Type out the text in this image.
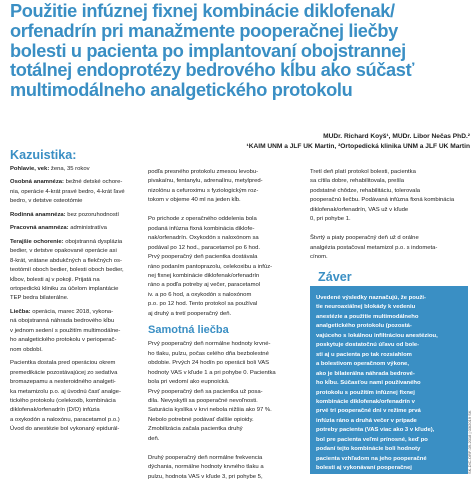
Použitie infúznej fixnej kombinácie diklofenak/
orfenadrín pri manažmente pooperačnej liečby
bolesti u pacienta po implantovaní obojstrannej
totálnej endoprotézy bedrového kĺbu ako súčasť
multimodálneho analgetického protokolu
MUDr. Richard Koyš¹, MUDr. Libor Nečas PhD.²
¹KAIM UNM a JLF UK Martin, ²Ortopedická klinika UNM a JLF UK Martin
Kazuistika:
Pohlavie, vek: žena, 35 rokov
Osobná anamnéza: bežné detské ochore-
nia, operácie 4-krát pravé bedro, 4-krát ľavé
bedro, v detstve osteotómie
Rodinná anamnéza: bez pozoruhodností
Pracovná anamnéza: administratíva
Terajšie ochorenie: obojstranná dysplázia
bedier, v detstve opakované operácie asi
8-krát, vrátane abdukčných a flekčných os-
teotómií oboch bedier, bolesti oboch bedier,
kĺbov, bolesti aj v pokoji. Prijatá na
ortopedickú kliniku za účelom implantácie
TEP bedra bilaterálne.
Liečba: operácia, marec 2018, vykona-
ná obojstranná náhrada bedrového kĺbu
v jednom sedení s použitím multimodálne-
ho analgetického protokolu v perioperač-
nom období.
Pacientka dostala pred operáciou okrem
premedikácie pozostávajúcej zo sedatíva
bromazepamu a nesteroidného analgeti-
ka metamizolu p.o. aj úvodnú časť analge-
tického protokolu (celekoxib, kombinácia
diklofenak/orfenadrín (D/O) infúzia
a oxykodón a naloxónu, paracetamol p.o.)
Úvod do anestézie bol vykonaný epidurál-
podľa presného protokolu zmesou levobu-
pivakaínu, fentanylu, adrenalínu, metylpred-
nizolónu a cefuroximu s fyziologickým roz-
tokom v objeme 40 ml na jeden kĺb.

Po prichode z operačného oddelenia bola
podaná infúzna fixná kombinácia diklofe-
nak/orfenadrín. Oxykodón s naloxónom sa
podával po 12 hod., paracetamol po 6 hod.
Prvý pooperačný deň pacientka dostávala
ráno podaním pantoprazolu, celekoxibu a infúz-
nej fixnej kombinácie diklofenak/orfenadrín
ráno a podľa potreby aj večer, paracetamol
iv. a po 6 hod, a oxykodón s naloxónom
p.o. po 12 hod. Tento protokol sa používal
aj druhý a tretí pooperačný deň.
Samotná liečba
Prvý pooperačný deň normálne hodnoty krvné-
ho tlaku, pulzu, počas celého dňa bezbolestné
obdobie. Prvých 24 hodín po operácii boli VAS
hodnoty VAS v kľude 1 a pri pohybe 0. Pacientka
bola pri vedomí ako eupnoická.
Prvý pooperačný deň sa pacientka už posa-
dila. Nevyskytli sa pooperačné nevoľnosti.
Saturácia kyslíka v krvi nebola nižšia ako 97 %.
Nebolo potrebné podávať ďalšie opioidy.
Zmobilizácia začala pacientka druhý
deň.

Druhý pooperačný deň normálne frekvencia
dýchania, normálne hodnoty krvného tlaku a
pulzu, hodnota VAS v kľude 3, pri pohybe 5,
Tretí deň platí protokol bolesti, pacientka
sa cítila dobre, rehabilitovala, prešla
podstatné chôdze, rehabilitáciu, tolerovala
pooperačnú liečbu. Podávaná infúzna fixná kombinácia
diklofenak/orfenadrín, VAS už v kľude
0, pri pohybe 1.

Štvrtý a piaty pooperačný deň už d orálne
analgézia postačoval metamizol p.o. s indometa-
cínom.
Záver
Uvedené výsledky naznačujú, že použi-
tie neuroaxiálnej blokády k vedeniu
anestézie a použitie multimodálneho
analgetického protokolu (pozostá-
vajúceho s lokálnou infiltráciou anestéziou,
poskytuje dostatočnú úľavu od bole-
sti aj u pacienta po tak rozsiahlom
a bolestivom operačnom výkone,
ako je bilaterálna náhrada bedrové-
ho kĺbu. Súčasťou nami používaného
protokolu s použitím infúznej fixnej
kombinácie diklofenak/orfenadrín v
prvé tri pooperačné dni v režime prvá
infúzia ráno a druhá večer v prípade
potreby pacienta (VAS viac ako 3 v kľude),
bol pre pacienta veľmi prínosné, keď po
podaní tejto kombinácie boli hodnoty
pacienta vzhľadom na jeho pooperačné
bolesti aj vykonávaní pooperačnej	SK-DIC-ORF-09-2018 | 03/2019 SK
